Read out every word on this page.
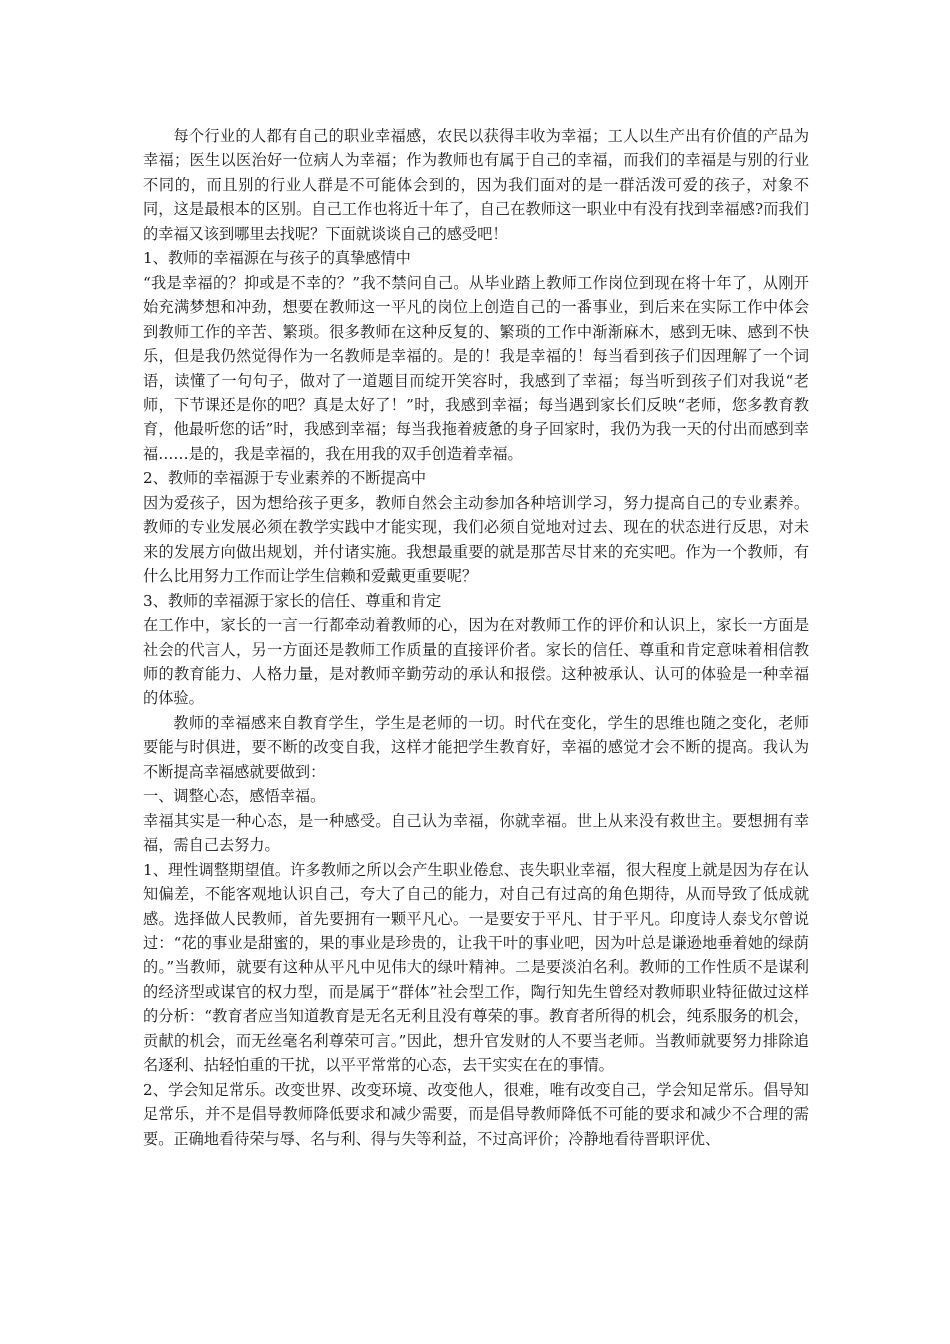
每个行业的人都有自己的职业幸福感，农民以获得丰收为幸福；工人以生产出有价值的产品为幸福；医生以医治好一位病人为幸福；作为教师也有属于自己的幸福，而我们的幸福是与别的行业不同的，而且别的行业人群是不可能体会到的，因为我们面对的是一群活泼可爱的孩子，对象不同，这是最根本的区别。自己工作也将近十年了，自己在教师这一职业中有没有找到幸福感?而我们的幸福又该到哪里去找呢？下面就谈谈自己的感受吧！

1、教师的幸福源在与孩子的真挚感情中

“我是幸福的？抑或是不幸的？”我不禁问自己。从毕业踏上教师工作岗位到现在将十年了，从刚开始充满梦想和冲劲，想要在教师这一平凡的岗位上创造自己的一番事业，到后来在实际工作中体会到教师工作的辛苦、繁琐。很多教师在这种反复的、繁琐的工作中渐渐麻木，感到无味、感到不快乐，但是我仍然觉得作为一名教师是幸福的。是的！我是幸福的！每当看到孩子们因理解了一个词语，读懂了一句句子，做对了一道题目而绽开笑容时，我感到了幸福；每当听到孩子们对我说“老师，下节课还是你的吧？真是太好了！”时，我感到幸福；每当遇到家长们反映“老师，您多教育教育，他最听您的话”时，我感到幸福；每当我拖着疲惫的身子回家时，我仍为我一天的付出而感到幸福……是的，我是幸福的，我在用我的双手创造着幸福。

2、教师的幸福源于专业素养的不断提高中

因为爱孩子，因为想给孩子更多，教师自然会主动参加各种培训学习，努力提高自己的专业素养。教师的专业发展必须在教学实践中才能实现，我们必须自觉地对过去、现在的状态进行反思，对未来的发展方向做出规划，并付诸实施。我想最重要的就是那苦尽甘来的充实吧。作为一个教师，有什么比用努力工作而让学生信赖和爱戴更重要呢？

3、教师的幸福源于家长的信任、尊重和肯定

在工作中，家长的一言一行都牵动着教师的心，因为在对教师工作的评价和认识上，家长一方面是社会的代言人，另一方面还是教师工作质量的直接评价者。家长的信任、尊重和肯定意味着相信教师的教育能力、人格力量，是对教师辛勤劳动的承认和报偿。这种被承认、认可的体验是一种幸福的体验。

教师的幸福感来自教育学生，学生是老师的一切。时代在变化，学生的思维也随之变化，老师要能与时俱进，要不断的改变自我，这样才能把学生教育好，幸福的感觉才会不断的提高。我认为不断提高幸福感就要做到：

一、调整心态，感悟幸福。

幸福其实是一种心态，是一种感受。自己认为幸福，你就幸福。世上从来没有救世主。要想拥有幸福，需自己去努力。

1、理性调整期望值。许多教师之所以会产生职业倦怠、丧失职业幸福，很大程度上就是因为存在认知偏差，不能客观地认识自己，夸大了自己的能力，对自己有过高的角色期待，从而导致了低成就感。选择做人民教师，首先要拥有一颗平凡心。一是要安于平凡、甘于平凡。印度诗人泰戈尔曾说过：“花的事业是甜蜜的，果的事业是珍贵的，让我干叶的事业吧，因为叶总是谦逊地垂着她的绿荫的。”当教师，就要有这种从平凡中见伟大的绿叶精神。二是要淡泊名利。教师的工作性质不是谋利的经济型或谋官的权力型，而是属于“群体”社会型工作，陶行知先生曾经对教师职业特征做过这样的分析：“教育者应当知道教育是无名无利且没有尊荣的事。教育者所得的机会，纯系服务的机会，贡献的机会，而无丝毫名利尊荣可言。”因此，想升官发财的人不要当老师。当教师就要努力排除追名逐利、拈轻怕重的干扰，以平平常常的心态，去干实实在在的事情。

2、学会知足常乐。改变世界、改变环境、改变他人，很难，唯有改变自己，学会知足常乐。倡导知足常乐，并不是倡导教师降低要求和减少需要，而是倡导教师降低不可能的要求和减少不合理的需要。正确地看待荣与辱、名与利、得与失等利益，不过高评价；冷静地看待晋职评优、
